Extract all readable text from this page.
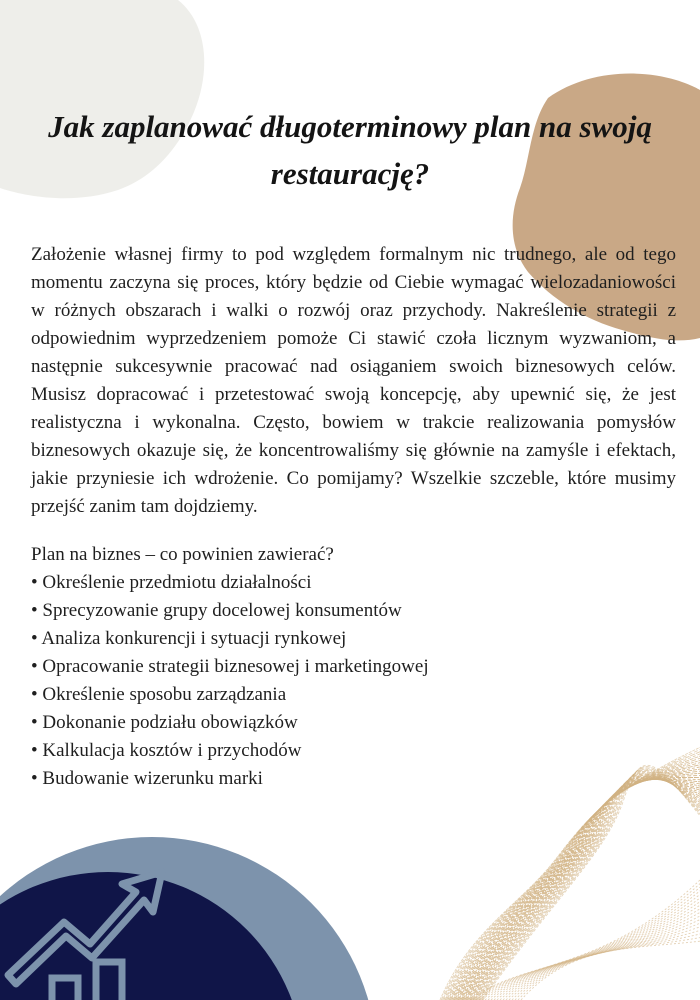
Jak zaplanować długoterminowy plan na swoją
restaurację?

Założenie własnej firmy to pod względem formalnym nic trudnego, ale od tego momentu zaczyna się proces, który będzie od Ciebie wymagać wielozadaniowości w różnych obszarach i walki o rozwój oraz przychody. Nakreślenie strategii z odpowiednim wyprzedzeniem pomoże Ci stawić czoła licznym wyzwaniom, a następnie sukcesywnie pracować nad osiąganiem swoich biznesowych celów. Musisz dopracować i przetestować swoją koncepcję, aby upewnić się, że jest realistyczna i wykonalna. Często, bowiem w trakcie realizowania pomysłów biznesowych okazuje się, że koncentrowaliśmy się głównie na zamyśle i efektach, jakie przyniesie ich wdrożenie. Co pomijamy? Wszelkie szczeble, które musimy przejść zanim tam dojdziemy.

Plan na biznes – co powinien zawierać?

• Określenie przedmiotu działalności
• Sprecyzowanie grupy docelowej konsumentów
• Analiza konkurencji i sytuacji rynkowej
• Opracowanie strategii biznesowej i marketingowej
• Określenie sposobu zarządzania
• Dokonanie podziału obowiązków
• Kalkulacja kosztów i przychodów
• Budowanie wizerunku marki
